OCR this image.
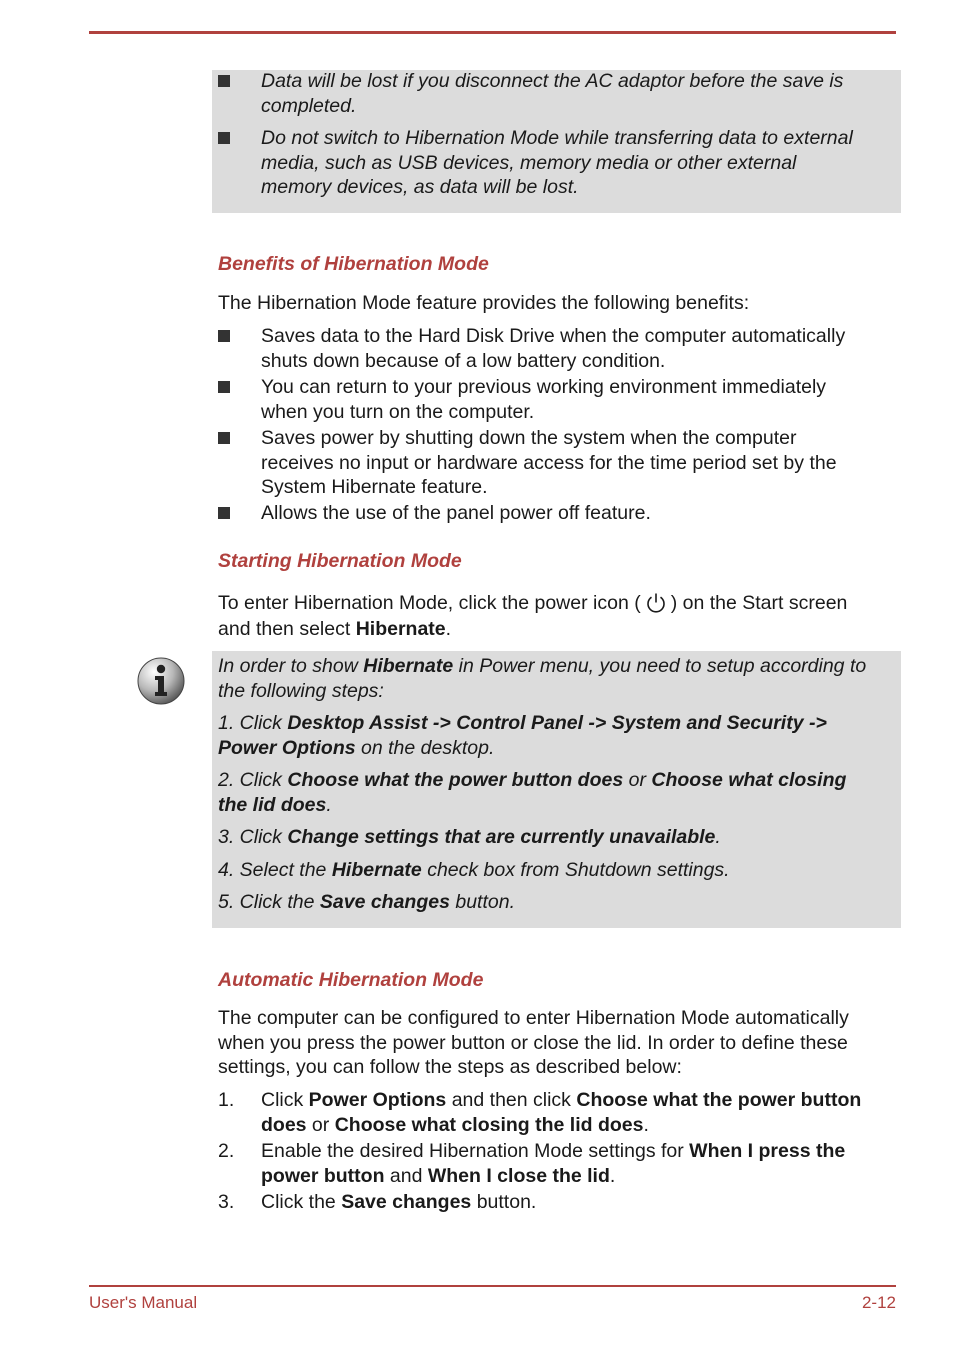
Data will be lost if you disconnect the AC adaptor before the save is
completed.
Do not switch to Hibernation Mode while transferring data to external
media, such as USB devices, memory media or other external
memory devices, as data will be lost.
Benefits of Hibernation Mode
The Hibernation Mode feature provides the following benefits:
Saves data to the Hard Disk Drive when the computer automatically
shuts down because of a low battery condition.
You can return to your previous working environment immediately
when you turn on the computer.
Saves power by shutting down the system when the computer
receives no input or hardware access for the time period set by the
System Hibernate feature.
Allows the use of the panel power off feature.
Starting Hibernation Mode
To enter Hibernation Mode, click the power icon ( ) on the Start screen
and then select Hibernate.
In order to show Hibernate in Power menu, you need to setup according to
the following steps:
1. Click Desktop Assist -> Control Panel -> System and Security ->
Power Options on the desktop.
2. Click Choose what the power button does or Choose what closing
the lid does.
3. Click Change settings that are currently unavailable.
4. Select the Hibernate check box from Shutdown settings.
5. Click the Save changes button.
Automatic Hibernation Mode
The computer can be configured to enter Hibernation Mode automatically
when you press the power button or close the lid. In order to define these
settings, you can follow the steps as described below:
1. Click Power Options and then click Choose what the power button
does or Choose what closing the lid does.
2. Enable the desired Hibernation Mode settings for When I press the
power button and When I close the lid.
3. Click the Save changes button.
User's Manual	2-12
